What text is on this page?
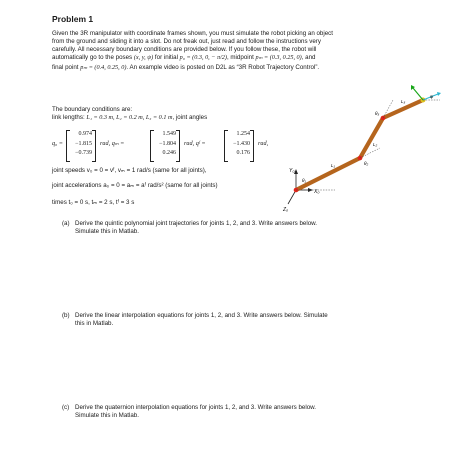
Problem 1
Given the 3R manipulator with coordinate frames shown, you must simulate the robot picking an object
from the ground and sliding it into a slot. Do not freak out, just read and follow the instructions very
carefully. All necessary boundary conditions are provided below. If you follow these, the robot will
automatically go to the poses (x, y, ψ) for initial p₀ = (0.3, 0, − π/2), midpoint pₘ = (0.3, 0.25, 0), and
final point pₘ = (0.4, 0.25, 0). An example video is posted on D2L as “3R Robot Trajectory Control”.
The boundary conditions are:
link lengths: L₁ = 0.3 m, L₂ = 0.2 m, L₃ = 0.1 m, joint angles
q₀ =
0.974
−1.815
−0.739
rad, qₘ =
1.549
−1.804
0.246
rad, qᶠ =
1.254
−1.430
0.176
rad,
joint speeds v₀ = 0 = vᶠ, vₘ = 1 rad/s (same for all joints),
joint accelerations a₀ = 0 = aₘ = aᶠ rad/s² (same for all joints)
times t₀ = 0 s, tₘ = 2 s, tᶠ = 3 s
(a) Derive the quintic polynomial joint trajectories for joints 1, 2, and 3. Write answers below.
Simulate this in Matlab.
(b) Derive the linear interpolation equations for joints 1, 2, and 3. Write answers below. Simulate
this in Matlab.
(c) Derive the quaternion interpolation equations for joints 1, 2, and 3. Write answers below.
Simulate this in Matlab.
Y₀
X₀
Z₀
L₁
L₂
L₃
θ₁
θ₂
θ₃
ψ
